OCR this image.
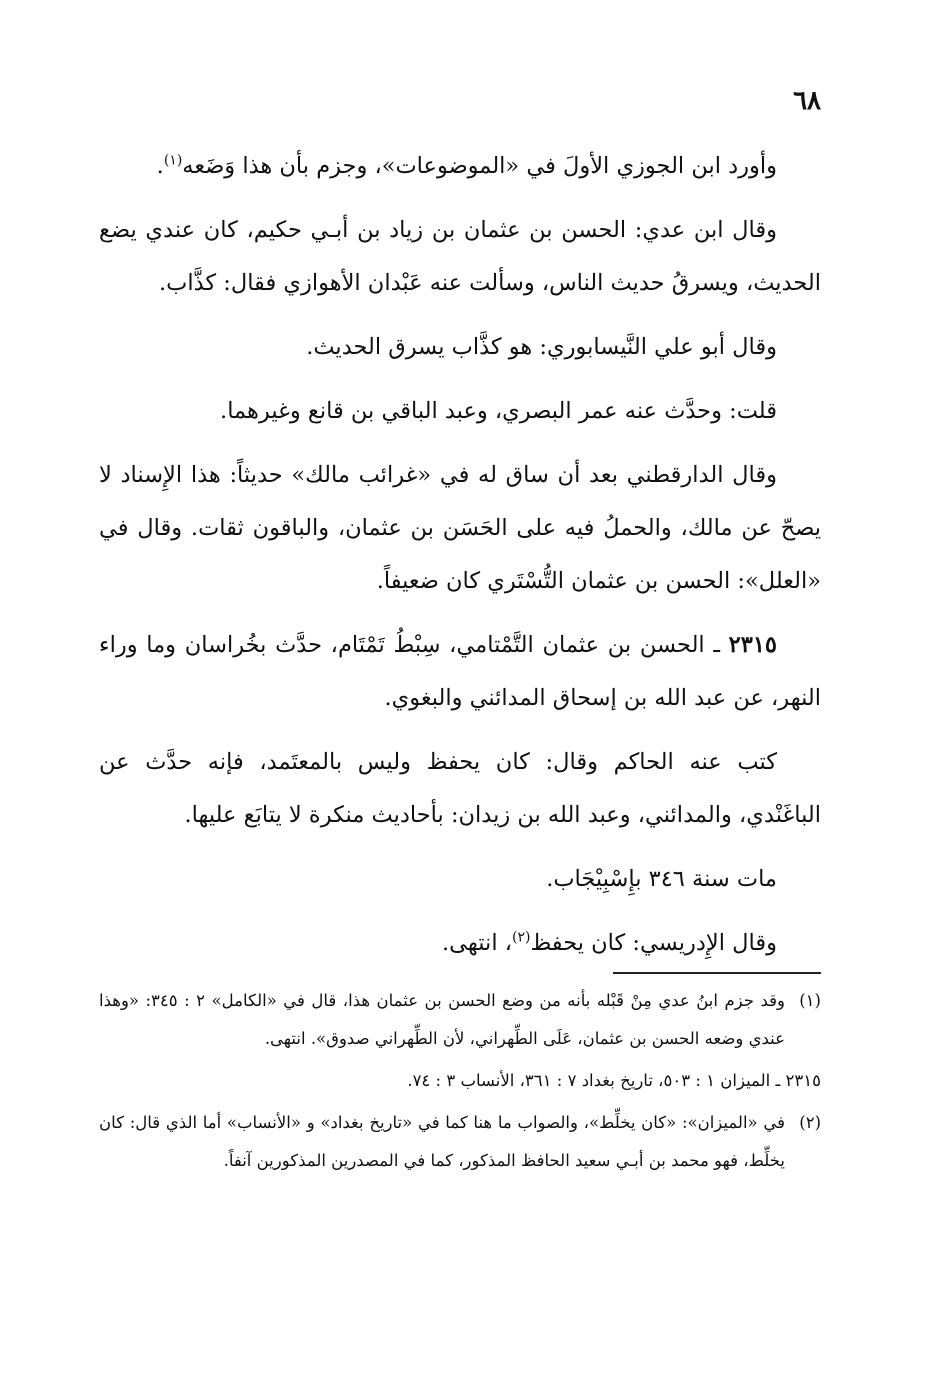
٦٨

وأورد ابن الجوزي الأولَ في «الموضوعات»، وجزم بأن هذا وَضَعه$^{(١)}$.

وقال ابن عدي: الحسن بن عثمان بن زياد بن أبـي حكيم، كان عندي يضع الحديث، ويسرقُ حديث الناس، وسألت عنه عَبْدان الأهوازي فقال: كذَّاب.

وقال أبو علي النَّيسابوري: هو كذَّاب يسرق الحديث.

قلت: وحدَّث عنه عمر البصري، وعبد الباقي بن قانع وغيرهما.

وقال الدارقطني بعد أن ساق له في «غرائب مالك» حديثاً: هذا الإِسناد لا يصحّ عن مالك، والحملُ فيه على الحَسَن بن عثمان، والباقون ثقات. وقال في «العلل»: الحسن بن عثمان التُّسْتَري كان ضعيفاً.

٢٣١٥ ـ الحسن بن عثمان التَّمْتامي، سِبْطُ تَمْتَام، حدَّث بخُراسان وما وراء النهر، عن عبد الله بن إسحاق المدائني والبغوي.

كتب عنه الحاكم وقال: كان يحفظ وليس بالمعتَمد، فإنه حدَّث عن الباغَنْدي، والمدائني، وعبد الله بن زيدان: بأحاديث منكرة لا يتابَع عليها.

مات سنة ٣٤٦ بإِسْبِيْجَاب.

وقال الإِدريسي: كان يحفظ$^{(٢)}$، انتهى.

(١)وقد جزم ابنُ عدي مِنْ قَبْله بأنه من وضع الحسن بن عثمان هذا، قال في «الكامل» ٢ : ٣٤٥: «وهذا عندي وضعه الحسن بن عثمان، عَلَى الطِّهراني، لأن الطِّهراني صدوق». انتهى.

٢٣١٥ ـ الميزان ١ : ٥٠٣، تاريخ بغداد ٧ : ٣٦١، الأنساب ٣ : ٧٤.

(٢)في «الميزان»: «كان يخلِّط»، والصواب ما هنا كما في «تاريخ بغداد» و «الأنساب» أما الذي قال: كان يخلِّط، فهو محمد بن أبـي سعيد الحافظ المذكور، كما في المصدرين المذكورين آنفاً.
